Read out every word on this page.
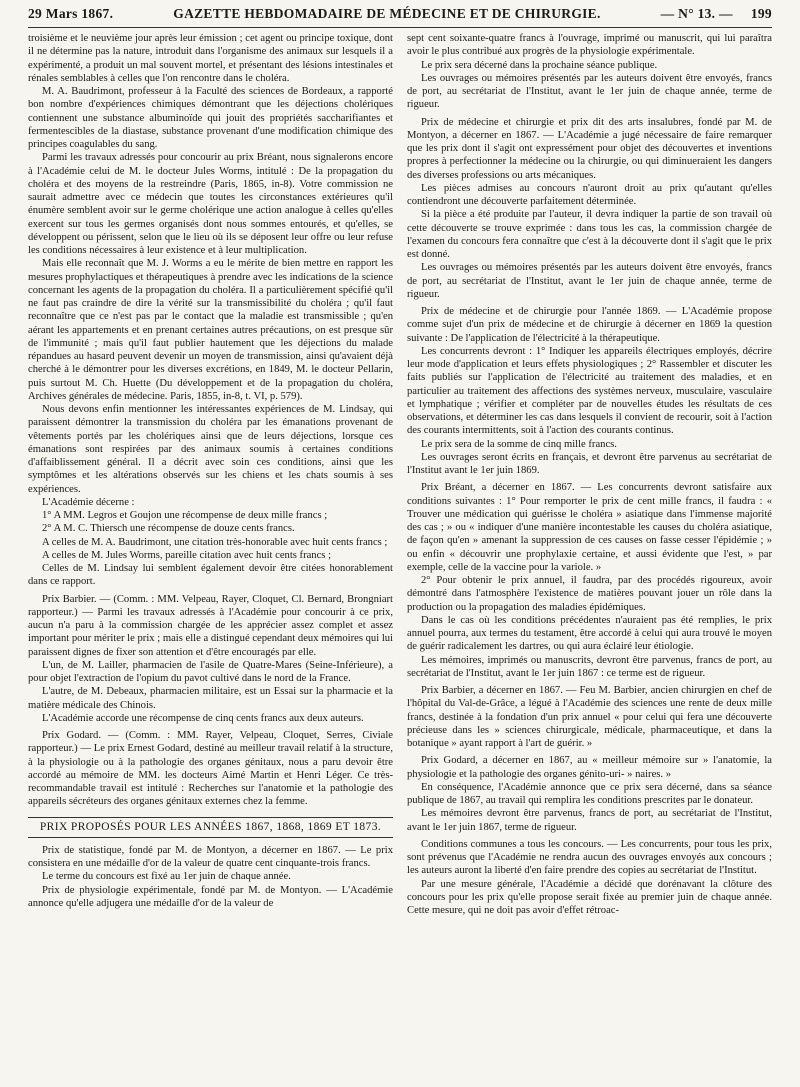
29 Mars 1867.	GAZETTE HEBDOMADAIRE DE MÉDECINE ET DE CHIRURGIE.	— N° 13. — 199

troisième et le neuvième jour après leur émission ; cet agent ou principe toxique, dont il ne détermine pas la nature, introduit dans l'organisme des animaux sur lesquels il a expérimenté, a produit un mal souvent mortel, et présentant des lésions intestinales et rénales semblables à celles que l'on rencontre dans le choléra.

M. A. Baudrimont, professeur à la Faculté des sciences de Bordeaux, a rapporté bon nombre d'expériences chimiques démontrant que les déjections cholériques contiennent une substance albuminoïde qui jouit des propriétés saccharifiantes et fermentescibles de la diastase, substance provenant d'une modification chimique des principes coagulables du sang.

Parmi les travaux adressés pour concourir au prix Bréant, nous signalerons encore à l'Académie celui de M. le docteur Jules Worms, intitulé : De la propagation du choléra et des moyens de la restreindre (Paris, 1865, in-8). Votre commission ne saurait admettre avec ce médecin que toutes les circonstances extérieures qu'il énumère semblent avoir sur le germe cholérique une action analogue à celles qu'elles exercent sur tous les germes organisés dont nous sommes entourés, et qu'elles, se développent ou périssent, selon que le lieu où ils se déposent leur offre ou leur refuse les conditions nécessaires à leur existence et à leur multiplication.

Mais elle reconnaît que M. J. Worms a eu le mérite de bien mettre en rapport les mesures prophylactiques et thérapeutiques à prendre avec les indications de la science concernant les agents de la propagation du choléra. Il a particulièrement spécifié qu'il ne faut pas craindre de dire la vérité sur la transmissibilité du choléra ; qu'il faut reconnaître que ce n'est pas par le contact que la maladie est transmissible ; qu'en aérant les appartements et en prenant certaines autres précautions, on est presque sûr de l'immunité ; mais qu'il faut publier hautement que les déjections du malade répandues au hasard peuvent devenir un moyen de transmission, ainsi qu'avaient déjà cherché à le démontrer pour les diverses excrétions, en 1849, M. le docteur Pellarin, puis surtout M. Ch. Huette (Du développement et de la propagation du choléra, Archives générales de médecine. Paris, 1855, in-8, t. VI, p. 579).

Nous devons enfin mentionner les intéressantes expériences de M. Lindsay, qui paraissent démontrer la transmission du choléra par les émanations provenant de vêtements portés par les cholériques ainsi que de leurs déjections, lorsque ces émanations sont respirées par des animaux soumis à certaines conditions d'affaiblissement général. Il a décrit avec soin ces conditions, ainsi que les symptômes et les altérations observés sur les chiens et les chats soumis à ses expériences.

L'Académie décerne :

1° A MM. Legros et Goujon une récompense de deux mille francs ;

2° A M. C. Thiersch une récompense de douze cents francs.

A celles de M. A. Baudrimont, une citation très-honorable avec huit cents francs ;

A celles de M. Jules Worms, pareille citation avec huit cents francs ;

Celles de M. Lindsay lui semblent également devoir être citées honorablement dans ce rapport.

Prix Barbier. — (Comm. : MM. Velpeau, Rayer, Cloquet, Cl. Bernard, Brongniart rapporteur.) — Parmi les travaux adressés à l'Académie pour concourir à ce prix, aucun n'a paru à la commission chargée de les apprécier assez complet et assez important pour mériter le prix ; mais elle a distingué cependant deux mémoires qui lui paraissent dignes de fixer son attention et d'être encouragés par elle.

L'un, de M. Lailler, pharmacien de l'asile de Quatre-Mares (Seine-Inférieure), a pour objet l'extraction de l'opium du pavot cultivé dans le nord de la France.

L'autre, de M. Debeaux, pharmacien militaire, est un Essai sur la pharmacie et la matière médicale des Chinois.

L'Académie accorde une récompense de cinq cents francs aux deux auteurs.

Prix Godard. — (Comm. : MM. Rayer, Velpeau, Cloquet, Serres, Civiale rapporteur.) — Le prix Ernest Godard, destiné au meilleur travail relatif à la structure, à la physiologie ou à la pathologie des organes génitaux, nous a paru devoir être accordé au mémoire de MM. les docteurs Aimé Martin et Henri Léger. Ce très-recommandable travail est intitulé : Recherches sur l'anatomie et la pathologie des appareils sécréteurs des organes génitaux externes chez la femme.

PRIX PROPOSÉS POUR LES ANNÉES 1867, 1868, 1869 ET 1873.

Prix de statistique, fondé par M. de Montyon, a décerner en 1867. — Le prix consistera en une médaille d'or de la valeur de quatre cent cinquante-trois francs.

Le terme du concours est fixé au 1er juin de chaque année.

Prix de physiologie expérimentale, fondé par M. de Montyon. — L'Académie annonce qu'elle adjugera une médaille d'or de la valeur de

sept cent soixante-quatre francs à l'ouvrage, imprimé ou manuscrit, qui lui paraîtra avoir le plus contribué aux progrès de la physiologie expérimentale.

Le prix sera décerné dans la prochaine séance publique.

Les ouvrages ou mémoires présentés par les auteurs doivent être envoyés, francs de port, au secrétariat de l'Institut, avant le 1er juin de chaque année, terme de rigueur.

Prix de médecine et chirurgie et prix dit des arts insalubres, fondé par M. de Montyon, a décerner en 1867. — L'Académie a jugé nécessaire de faire remarquer que les prix dont il s'agit ont expressément pour objet des découvertes et inventions propres à perfectionner la médecine ou la chirurgie, ou qui diminueraient les dangers des diverses professions ou arts mécaniques.

Les pièces admises au concours n'auront droit au prix qu'autant qu'elles contiendront une découverte parfaitement déterminée.

Si la pièce a été produite par l'auteur, il devra indiquer la partie de son travail où cette découverte se trouve exprimée : dans tous les cas, la commission chargée de l'examen du concours fera connaître que c'est à la découverte dont il s'agit que le prix est donné.

Les ouvrages ou mémoires présentés par les auteurs doivent être envoyés, francs de port, au secrétariat de l'Institut, avant le 1er juin de chaque année, terme de rigueur.

Prix de médecine et de chirurgie pour l'année 1869. — L'Académie propose comme sujet d'un prix de médecine et de chirurgie à décerner en 1869 la question suivante : De l'application de l'électricité à la thérapeutique.

Les concurrents devront : 1° Indiquer les appareils électriques employés, décrire leur mode d'application et leurs effets physiologiques ; 2° Rassembler et discuter les faits publiés sur l'application de l'électricité au traitement des maladies, et en particulier au traitement des affections des systèmes nerveux, musculaire, vasculaire et lymphatique ; vérifier et compléter par de nouvelles études les résultats de ces observations, et déterminer les cas dans lesquels il convient de recourir, soit à l'action des courants intermittents, soit à l'action des courants continus.

Le prix sera de la somme de cinq mille francs.

Les ouvrages seront écrits en français, et devront être parvenus au secrétariat de l'Institut avant le 1er juin 1869.

Prix Bréant, a décerner en 1867. — Les concurrents devront satisfaire aux conditions suivantes : 1° Pour remporter le prix de cent mille francs, il faudra : « Trouver une médication qui guérisse le choléra » asiatique dans l'immense majorité des cas ; » ou « indiquer d'une manière incontestable les causes du choléra asiatique, de façon qu'en » amenant la suppression de ces causes on fasse cesser l'épidémie ; » ou enfin « découvrir une prophylaxie certaine, et aussi évidente que l'est, » par exemple, celle de la vaccine pour la variole. »

2° Pour obtenir le prix annuel, il faudra, par des procédés rigoureux, avoir démontré dans l'atmosphère l'existence de matières pouvant jouer un rôle dans la production ou la propagation des maladies épidémiques.

Dans le cas où les conditions précédentes n'auraient pas été remplies, le prix annuel pourra, aux termes du testament, être accordé à celui qui aura trouvé le moyen de guérir radicalement les dartres, ou qui aura éclairé leur étiologie.

Les mémoires, imprimés ou manuscrits, devront être parvenus, francs de port, au secrétariat de l'Institut, avant le 1er juin 1867 : ce terme est de rigueur.

Prix Barbier, a décerner en 1867. — Feu M. Barbier, ancien chirurgien en chef de l'hôpital du Val-de-Grâce, a légué à l'Académie des sciences une rente de deux mille francs, destinée à la fondation d'un prix annuel « pour celui qui fera une découverte précieuse dans les » sciences chirurgicale, médicale, pharmaceutique, et dans la botanique » ayant rapport à l'art de guérir. »

Prix Godard, a décerner en 1867, au « meilleur mémoire sur » l'anatomie, la physiologie et la pathologie des organes génito-uri- » naires. »

En conséquence, l'Académie annonce que ce prix sera décerné, dans sa séance publique de 1867, au travail qui remplira les conditions prescrites par le donateur.

Les mémoires devront être parvenus, francs de port, au secrétariat de l'Institut, avant le 1er juin 1867, terme de rigueur.

Conditions communes a tous les concours. — Les concurrents, pour tous les prix, sont prévenus que l'Académie ne rendra aucun des ouvrages envoyés aux concours ; les auteurs auront la liberté d'en faire prendre des copies au secrétariat de l'Institut.

Par une mesure générale, l'Académie a décidé que dorénavant la clôture des concours pour les prix qu'elle propose serait fixée au premier juin de chaque année. Cette mesure, qui ne doit pas avoir d'effet rétroac-
